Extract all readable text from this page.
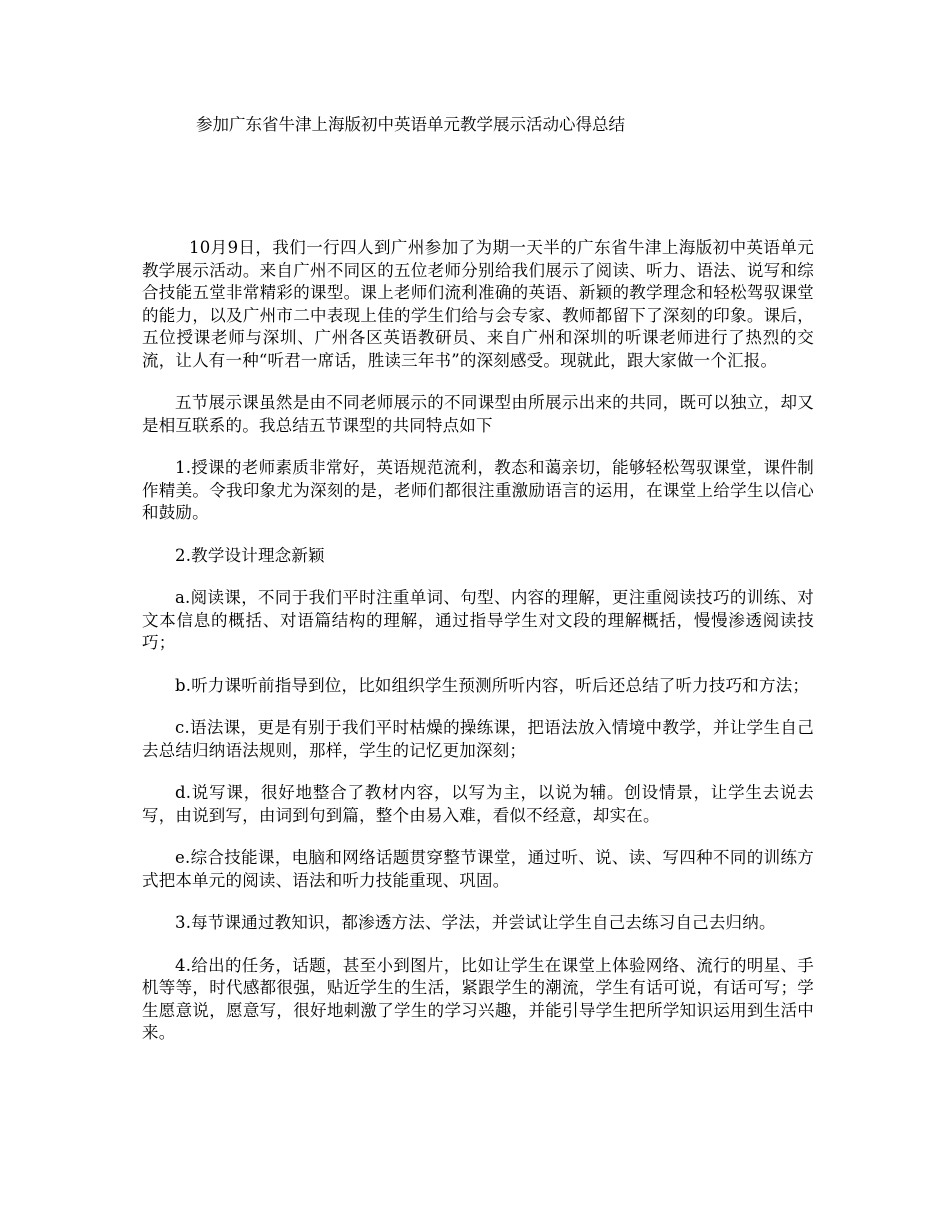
参加广东省牛津上海版初中英语单元教学展示活动心得总结

10月9日，我们一行四人到广州参加了为期一天半的广东省牛津上海版初中英语单元教学展示活动。来自广州不同区的五位老师分别给我们展示了阅读、听力、语法、说写和综合技能五堂非常精彩的课型。课上老师们流利准确的英语、新颖的教学理念和轻松驾驭课堂的能力，以及广州市二中表现上佳的学生们给与会专家、教师都留下了深刻的印象。课后，五位授课老师与深圳、广州各区英语教研员、来自广州和深圳的听课老师进行了热烈的交流，让人有一种“听君一席话，胜读三年书”的深刻感受。现就此，跟大家做一个汇报。

五节展示课虽然是由不同老师展示的不同课型由所展示出来的共同，既可以独立，却又是相互联系的。我总结五节课型的共同特点如下

1.授课的老师素质非常好，英语规范流利，教态和蔼亲切，能够轻松驾驭课堂，课件制作精美。令我印象尤为深刻的是，老师们都很注重激励语言的运用，在课堂上给学生以信心和鼓励。

2.教学设计理念新颖

a.阅读课，不同于我们平时注重单词、句型、内容的理解，更注重阅读技巧的训练、对文本信息的概括、对语篇结构的理解，通过指导学生对文段的理解概括，慢慢渗透阅读技巧；

b.听力课听前指导到位，比如组织学生预测所听内容，听后还总结了听力技巧和方法；

c.语法课，更是有别于我们平时枯燥的操练课，把语法放入情境中教学，并让学生自己去总结归纳语法规则，那样，学生的记忆更加深刻；

d.说写课，很好地整合了教材内容，以写为主，以说为辅。创设情景，让学生去说去写，由说到写，由词到句到篇，整个由易入难，看似不经意，却实在。

e.综合技能课，电脑和网络话题贯穿整节课堂，通过听、说、读、写四种不同的训练方式把本单元的阅读、语法和听力技能重现、巩固。

3.每节课通过教知识，都渗透方法、学法，并尝试让学生自己去练习自己去归纳。

4.给出的任务，话题，甚至小到图片，比如让学生在课堂上体验网络、流行的明星、手机等等，时代感都很强，贴近学生的生活，紧跟学生的潮流，学生有话可说，有话可写；学生愿意说，愿意写，很好地刺激了学生的学习兴趣，并能引导学生把所学知识运用到生活中来。
